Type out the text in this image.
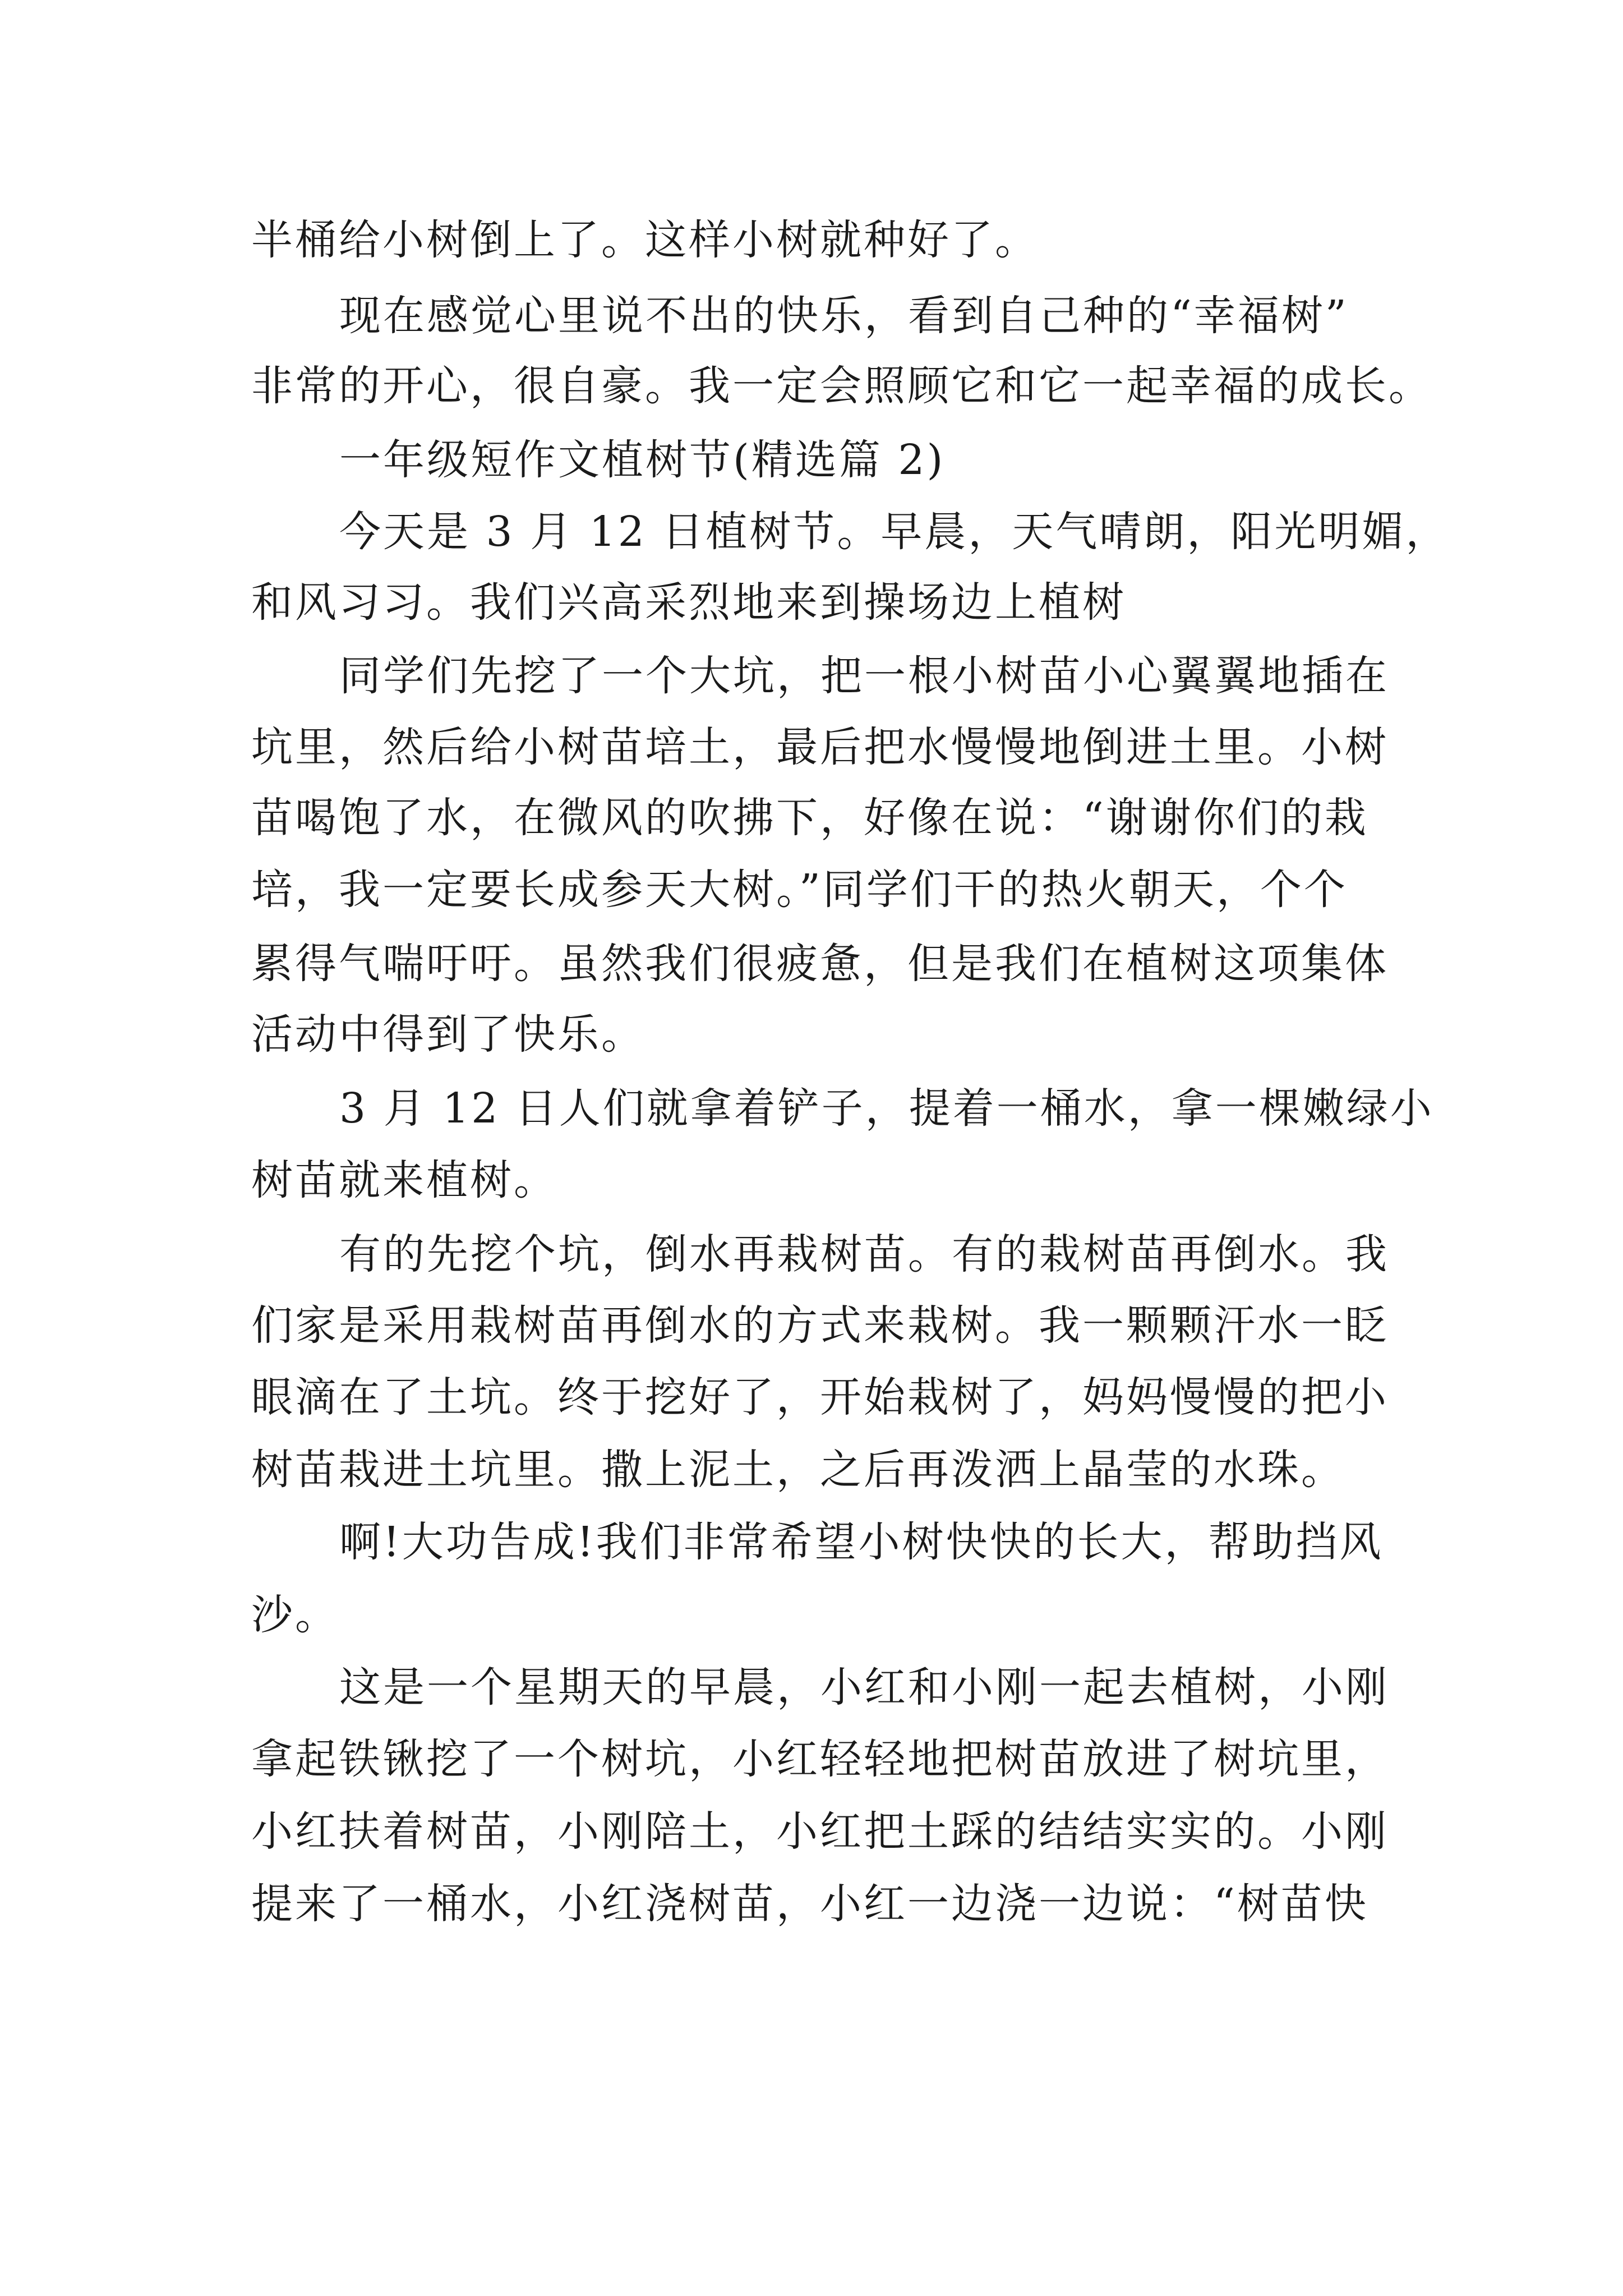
半桶给小树倒上了。这样小树就种好了。
现在感觉心里说不出的快乐，看到自己种的“幸福树”
非常的开心，很自豪。我一定会照顾它和它一起幸福的成长。
一年级短作文植树节(精选篇 2)
今天是 3 月 12 日植树节。早晨，天气晴朗，阳光明媚，
和风习习。我们兴高采烈地来到操场边上植树
同学们先挖了一个大坑，把一根小树苗小心翼翼地插在
坑里，然后给小树苗培土，最后把水慢慢地倒进土里。小树
苗喝饱了水，在微风的吹拂下，好像在说：“谢谢你们的栽
培，我一定要长成参天大树。”同学们干的热火朝天，个个
累得气喘吁吁。虽然我们很疲惫，但是我们在植树这项集体
活动中得到了快乐。
3 月 12 日人们就拿着铲子，提着一桶水，拿一棵嫩绿小
树苗就来植树。
有的先挖个坑，倒水再栽树苗。有的栽树苗再倒水。我
们家是采用栽树苗再倒水的方式来栽树。我一颗颗汗水一眨
眼滴在了土坑。终于挖好了，开始栽树了，妈妈慢慢的把小
树苗栽进土坑里。撒上泥土，之后再泼洒上晶莹的水珠。
啊!大功告成!我们非常希望小树快快的长大，帮助挡风
沙。
这是一个星期天的早晨，小红和小刚一起去植树，小刚
拿起铁锹挖了一个树坑，小红轻轻地把树苗放进了树坑里，
小红扶着树苗，小刚陪土，小红把土踩的结结实实的。小刚
提来了一桶水，小红浇树苗，小红一边浇一边说：“树苗快
